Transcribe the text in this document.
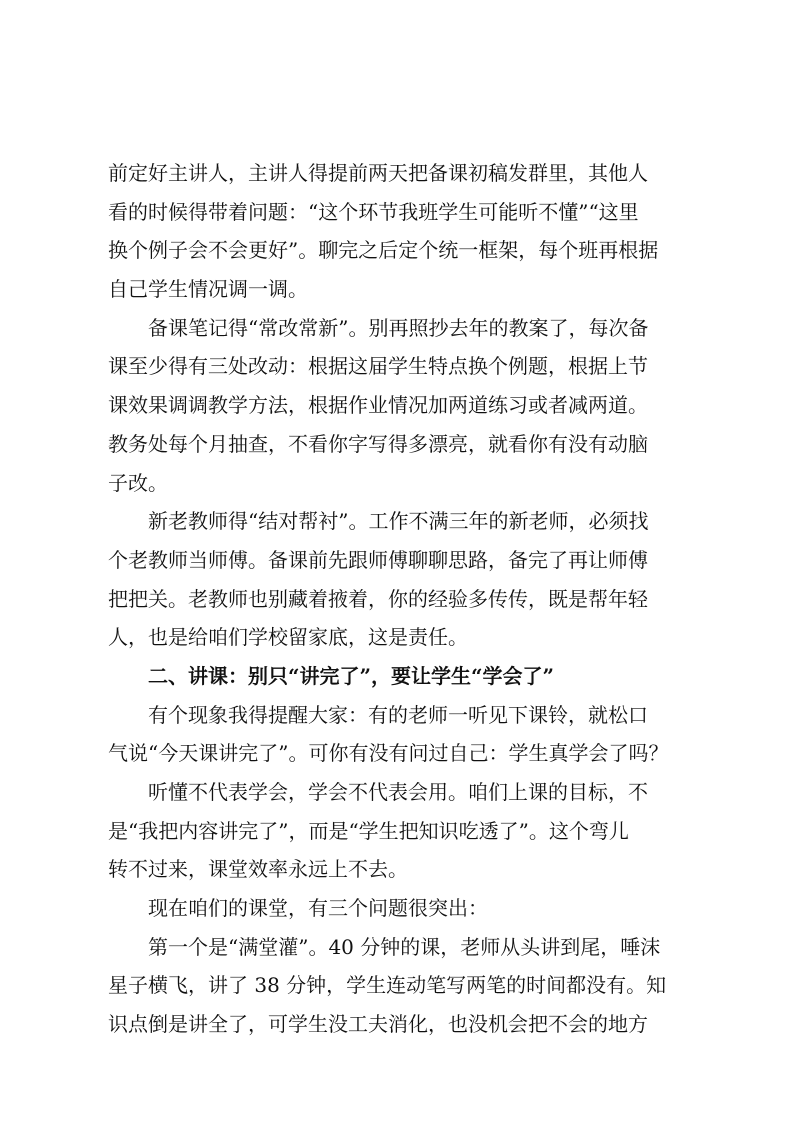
前定好主讲人，主讲人得提前两天把备课初稿发群里，其他人
看的时候得带着问题：“这个环节我班学生可能听不懂”“这里
换个例子会不会更好”。聊完之后定个统一框架，每个班再根据
自己学生情况调一调。
备课笔记得“常改常新”。别再照抄去年的教案了，每次备
课至少得有三处改动：根据这届学生特点换个例题，根据上节
课效果调调教学方法，根据作业情况加两道练习或者减两道。
教务处每个月抽查，不看你字写得多漂亮，就看你有没有动脑
子改。
新老教师得“结对帮衬”。工作不满三年的新老师，必须找
个老教师当师傅。备课前先跟师傅聊聊思路，备完了再让师傅
把把关。老教师也别藏着掖着，你的经验多传传，既是帮年轻
人，也是给咱们学校留家底，这是责任。
二、讲课：别只“讲完了”，要让学生“学会了”
有个现象我得提醒大家：有的老师一听见下课铃，就松口
气说“今天课讲完了”。可你有没有问过自己：学生真学会了吗？
听懂不代表学会，学会不代表会用。咱们上课的目标，不
是“我把内容讲完了”，而是“学生把知识吃透了”。这个弯儿
转不过来，课堂效率永远上不去。
现在咱们的课堂，有三个问题很突出：
第一个是“满堂灌”。40 分钟的课，老师从头讲到尾，唾沫
星子横飞，讲了 38 分钟，学生连动笔写两笔的时间都没有。知
识点倒是讲全了，可学生没工夫消化，也没机会把不会的地方
